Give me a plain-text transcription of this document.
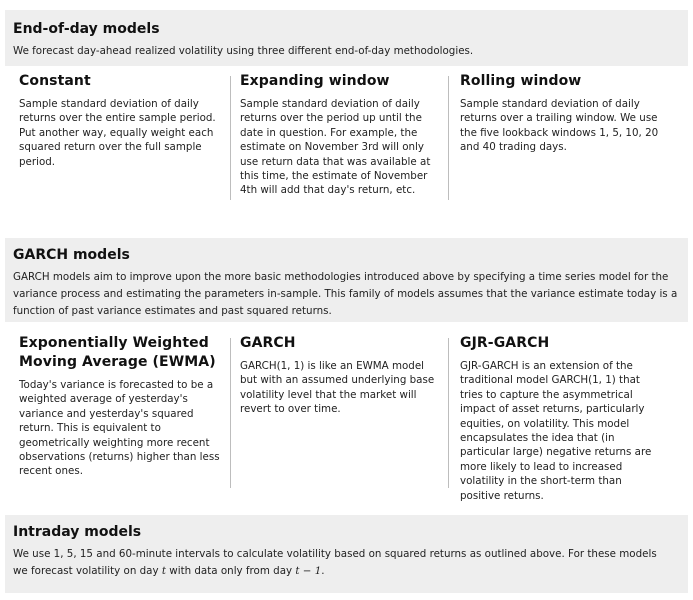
End-of-day models
We forecast day-ahead realized volatility using three different end-of-day methodologies.
Constant
Sample standard deviation of daily returns over the entire sample period. Put another way, equally weight each squared return over the full sample period.
Expanding window
Sample standard deviation of daily returns over the period up until the date in question. For example, the estimate on November 3rd will only use return data that was available at this time, the estimate of November 4th will add that day's return, etc.
Rolling window
Sample standard deviation of daily returns over a trailing window. We use the five lookback windows 1, 5, 10, 20 and 40 trading days.
GARCH models
GARCH models aim to improve upon the more basic methodologies introduced above by specifying a time series model for the variance process and estimating the parameters in-sample. This family of models assumes that the variance estimate today is a function of past variance estimates and past squared returns.
Exponentially Weighted Moving Average (EWMA)
Today's variance is forecasted to be a weighted average of yesterday's variance and yesterday's squared return. This is equivalent to geometrically weighting more recent observations (returns) higher than less recent ones.
GARCH
GARCH(1, 1) is like an EWMA model but with an assumed underlying base volatility level that the market will revert to over time.
GJR-GARCH
GJR-GARCH is an extension of the traditional model GARCH(1, 1) that tries to capture the asymmetrical impact of asset returns, particularly equities, on volatility. This model encapsulates the idea that (in particular large) negative returns are more likely to lead to increased volatility in the short-term than positive returns.
Intraday models
We use 1, 5, 15 and 60-minute intervals to calculate volatility based on squared returns as outlined above. For these models
we forecast volatility on day t with data only from day t − 1.
